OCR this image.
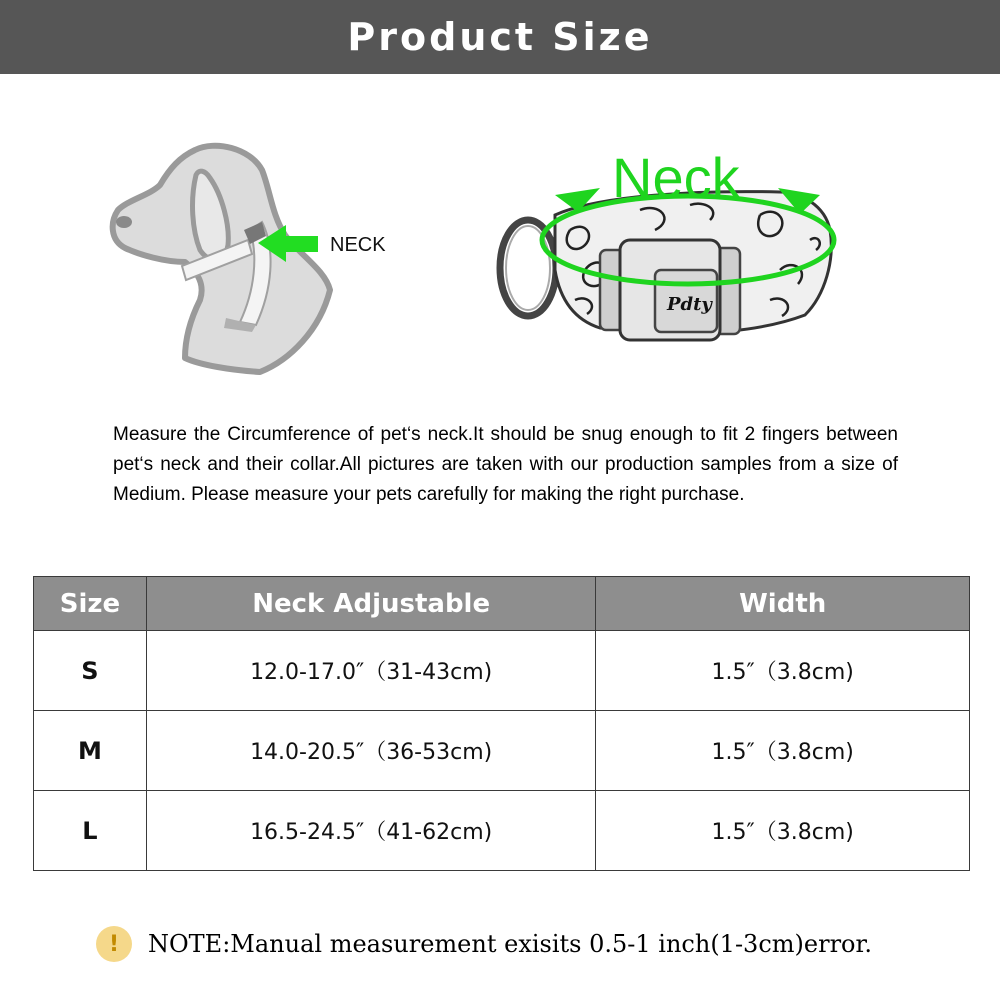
Product Size
NECK
Pdty
Neck

Measure the Circumference of pet‘s neck.It should be snug enough to fit 2 fingers between pet‘s neck and their collar.All pictures are taken with our production samples from a size of Medium. Please measure your pets carefully for making the right purchase.

Size	Neck Adjustable	Width
S	12.0-17.0″（31-43cm)	1.5″（3.8cm)
M	14.0-20.5″（36-53cm)	1.5″（3.8cm)
L	16.5-24.5″（41-62cm)	1.5″（3.8cm)
!	NOTE:Manual measurement exisits 0.5-1 inch(1-3cm)error.
